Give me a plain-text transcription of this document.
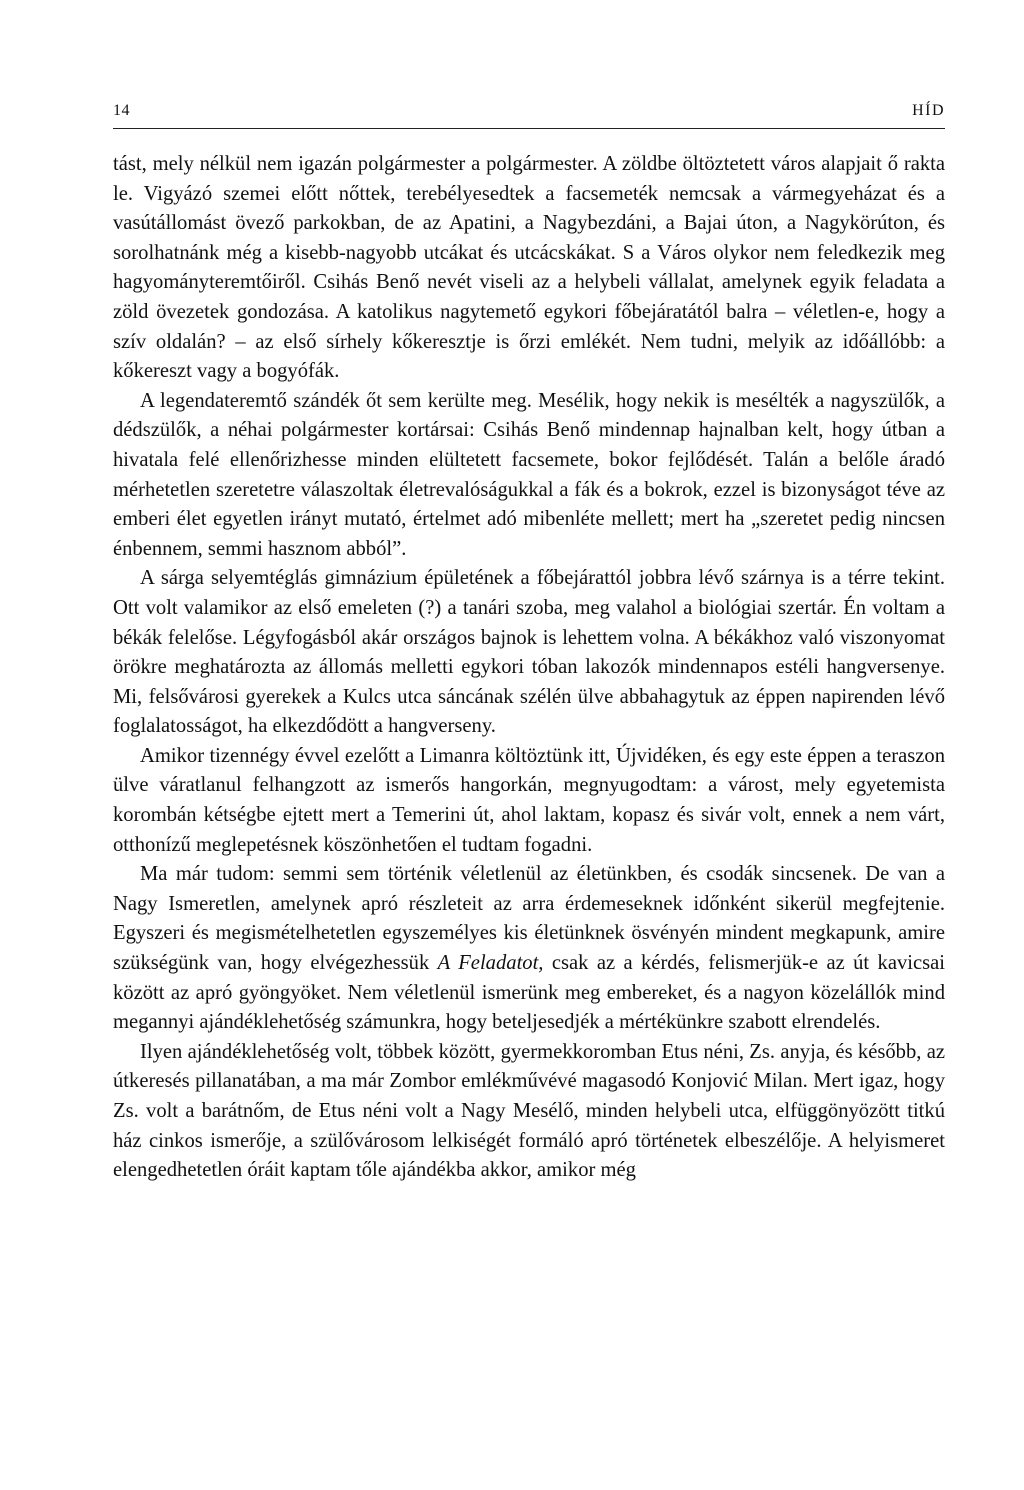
14	HÍD

tást, mely nélkül nem igazán polgármester a polgármester. A zöldbe öltöztetett város alapjait ő rakta le. Vigyázó szemei előtt nőttek, terebélyesedtek a facsemeték nemcsak a vármegyeházat és a vasútállomást övező parkokban, de az Apatini, a Nagybezdáni, a Bajai úton, a Nagykörúton, és sorolhatnánk még a kisebb-nagyobb utcákat és utcácskákat. S a Város olykor nem feledkezik meg hagyományteremtőiről. Csihás Benő nevét viseli az a helybeli vállalat, amelynek egyik feladata a zöld övezetek gondozása. A katolikus nagytemető egykori főbejáratától balra – véletlen-e, hogy a szív oldalán? – az első sírhely kőkeresztje is őrzi emlékét. Nem tudni, melyik az időállóbb: a kőkereszt vagy a bogyófák.

A legendateremtő szándék őt sem kerülte meg. Mesélik, hogy nekik is mesélték a nagyszülők, a dédszülők, a néhai polgármester kortársai: Csihás Benő mindennap hajnalban kelt, hogy útban a hivatala felé ellenőrizhesse minden elültetett facsemete, bokor fejlődését. Talán a belőle áradó mérhetetlen szeretetre válaszoltak életrevalóságukkal a fák és a bokrok, ezzel is bizonyságot téve az emberi élet egyetlen irányt mutató, értelmet adó mibenléte mellett; mert ha „szeretet pedig nincsen énbennem, semmi hasznom abból”.

A sárga selyemtéglás gimnázium épületének a főbejárattól jobbra lévő szárnya is a térre tekint. Ott volt valamikor az első emeleten (?) a tanári szoba, meg valahol a biológiai szertár. Én voltam a békák felelőse. Légyfogásból akár országos bajnok is lehettem volna. A békákhoz való viszonyomat örökre meghatározta az állomás melletti egykori tóban lakozók mindennapos estéli hangversenye. Mi, felsővárosi gyerekek a Kulcs utca sáncának szélén ülve abbahagytuk az éppen napirenden lévő foglalatosságot, ha elkezdődött a hangverseny.

Amikor tizennégy évvel ezelőtt a Limanra költöztünk itt, Újvidéken, és egy este éppen a teraszon ülve váratlanul felhangzott az ismerős hangorkán, megnyugodtam: a várost, mely egyetemista korombán kétségbe ejtett mert a Temerini út, ahol laktam, kopasz és sivár volt, ennek a nem várt, otthonízű meglepetésnek köszönhetően el tudtam fogadni.

Ma már tudom: semmi sem történik véletlenül az életünkben, és csodák sincsenek. De van a Nagy Ismeretlen, amelynek apró részleteit az arra érdemeseknek időnként sikerül megfejtenie. Egyszeri és megismételhetetlen egyszemélyes kis életünknek ösvényén mindent megkapunk, amire szükségünk van, hogy elvégezhessük A Feladatot, csak az a kérdés, felismerjük-e az út kavicsai között az apró gyöngyöket. Nem véletlenül ismerünk meg embereket, és a nagyon közelállók mind megannyi ajándéklehetőség számunkra, hogy beteljesedjék a mértékünkre szabott elrendelés.

Ilyen ajándéklehetőség volt, többek között, gyermekkoromban Etus néni, Zs. anyja, és később, az útkeresés pillanatában, a ma már Zombor emlékművévé magasodó Konjović Milan. Mert igaz, hogy Zs. volt a barátnőm, de Etus néni volt a Nagy Mesélő, minden helybeli utca, elfüggönyözött titkú ház cinkos ismerője, a szülővárosom lelkiségét formáló apró történetek elbeszélője. A helyismeret elengedhetetlen óráit kaptam tőle ajándékba akkor, amikor még
